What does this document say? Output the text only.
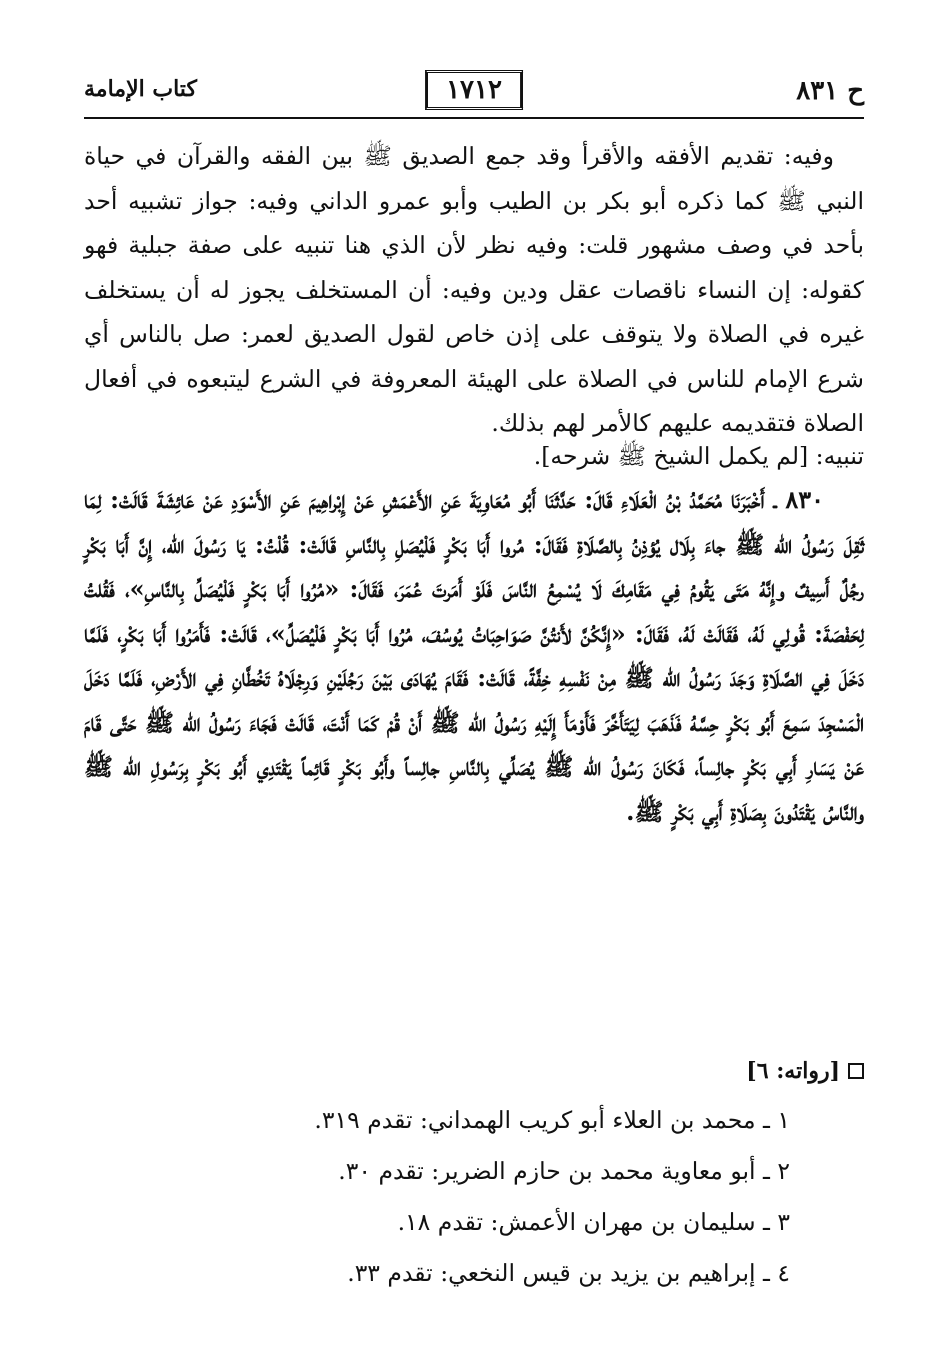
ح ٨٣١
١٧١٢
كتاب الإمامة

وفيه: تقديم الأفقه والأقرأ وقد جمع الصديق ﷺ بين الفقه والقرآن في حياة النبي ﷺ كما ذكره أبو بكر بن الطيب وأبو عمرو الداني وفيه: جواز تشبيه أحد بأحد في وصف مشهور قلت: وفيه نظر لأن الذي هنا تنبيه على صفة جبلية فهو كقوله: إن النساء ناقصات عقل ودين وفيه: أن المستخلف يجوز له أن يستخلف غيره في الصلاة ولا يتوقف على إذن خاص لقول الصديق لعمر: صل بالناس أي شرع الإمام للناس في الصلاة على الهيئة المعروفة في الشرع ليتبعوه في أفعال الصلاة فتقديمه عليهم كالأمر لهم بذلك.

تنبيه: [لم يكمل الشيخ ﷺ شرحه].

٨٣٠ ـ أَخْبَرَنَا مُحَمَّدُ بْنُ الْعَلَاءِ قَالَ: حَدَّثَنَا أَبُو مُعَاوِيَةَ عَنِ الأَعْمَشِ عَنْ إِبْراهِيمَ عَنِ الأَسْوَدِ عَنْ عَائِشَةَ قَالَتْ: لِمَا ثَقِلَ رَسُولُ الله ﷺ جاءَ بِلَال يُؤذِنُ بِالصَّلَاةِ فَقَالَ: مُروا أَبَا بَكْرٍ فَلْيُصَلِ بِالنَّاسِ قَالَتْ: قُلْتُ: يَا رَسُولَ الله، إِنَّ أَبَا بَكْرٍ رجُلٌ أَسِيفٌ وإِنَّهُ مَتَى يَقُومُ فِي مَقَامِكَ لَا يُسْمِعُ النَّاسَ فَلَوْ أَمَرتَ عُمَرَ، فَقَالَ: «مُرُوا أَبَا بَكْرٍ فَلْيُصَلِّ بِالنَّاسِ»، فَقُلتُ لِحَفْصَةَ: قُولِي لَهُ، فَقَالَتْ لَهُ، فَقَالَ: «إِنَّكُنَّ لأَنتُنَّ صَوَاحِبَاتُ يُوسُفَ، مُرُوا أَبَا بَكْرٍ فَلْيُصَلِّ»، قَالَتْ: فَأَمَرُوا أَبَا بَكْرٍ، فَلَمَّا دَخَلَ فِي الصَّلَاةِ وَجَدَ رَسُولُ الله ﷺ مِنْ نَفْسِهِ خِفَّةً، قَالَتْ: فَقَامَ يُهَادَى بَيْنَ رَجُلَيْنِ وَرِجْلَاهُ تَخُطَّانِ فِي الأَرْضِ، فَلَمَّا دَخَلَ الْمَسْجِدَ سَمِعَ أَبُو بَكْرٍ حِسَّهُ فَذَهَبَ لِيَتَأَخَّرَ فَأَوْمَأَ إِلَيْهِ رَسُولُ الله ﷺ أَنْ قُمْ كَمَا أَنْتَ، قَالَتْ فَجَاءَ رَسُولُ الله ﷺ حَتَّى قَامَ عَنْ يَسَارِ أَبِي بَكْرٍ جالِساً، فَكَانَ رَسُولُ الله ﷺ يُصَلِّي بِالنَّاسِ جالِساً وأَبُو بَكْرٍ قَائِماً يَقْتَدِي أَبُو بَكْرٍ بِرَسُولِ الله ﷺ والنَّاسُ يَقْتَدُونَ بِصَلَاةِ أَبِي بَكْرٍ ﷺ.

[رواته: ٦]
١ ـ محمد بن العلاء أبو كريب الهمداني: تقدم ٣١٩.
٢ ـ أبو معاوية محمد بن حازم الضرير: تقدم ٣٠.
٣ ـ سليمان بن مهران الأعمش: تقدم ١٨.
٤ ـ إبراهيم بن يزيد بن قيس النخعي: تقدم ٣٣.
